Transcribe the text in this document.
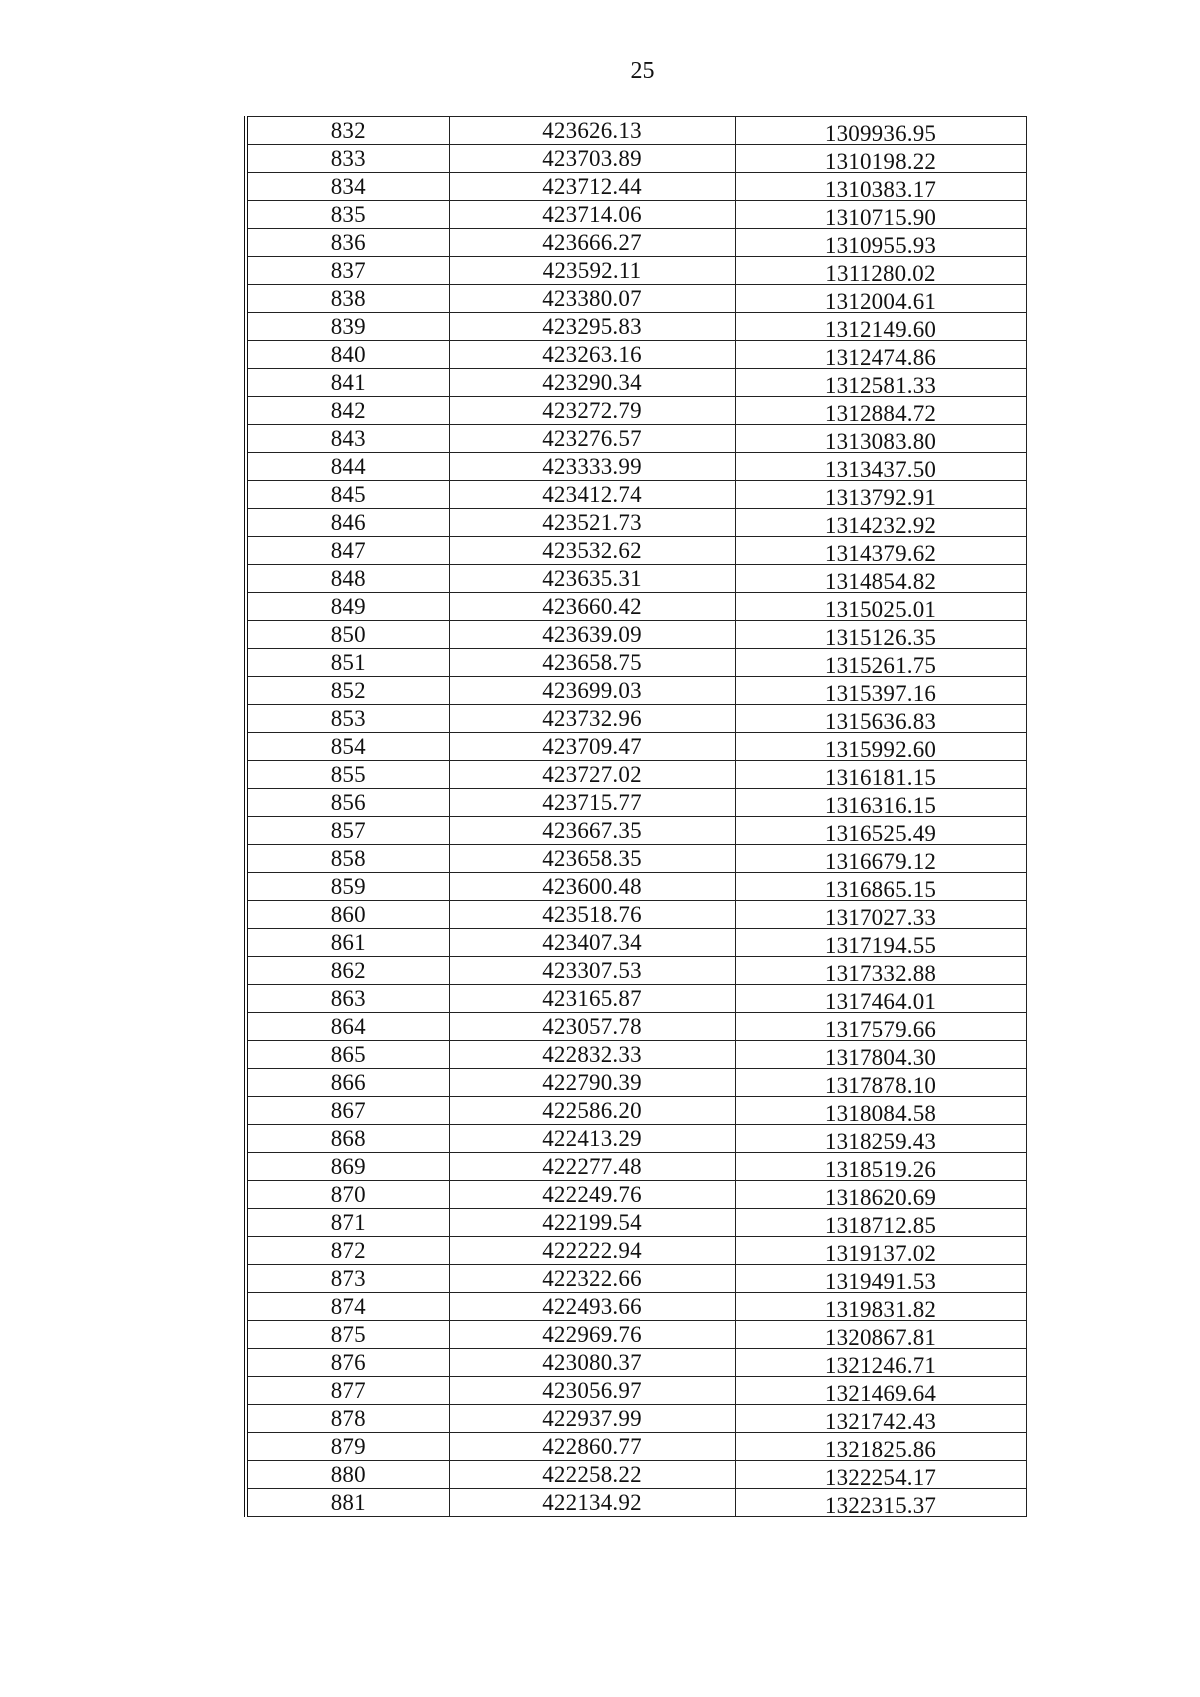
25
832	423626.13	1309936.95
833	423703.89	1310198.22
834	423712.44	1310383.17
835	423714.06	1310715.90
836	423666.27	1310955.93
837	423592.11	1311280.02
838	423380.07	1312004.61
839	423295.83	1312149.60
840	423263.16	1312474.86
841	423290.34	1312581.33
842	423272.79	1312884.72
843	423276.57	1313083.80
844	423333.99	1313437.50
845	423412.74	1313792.91
846	423521.73	1314232.92
847	423532.62	1314379.62
848	423635.31	1314854.82
849	423660.42	1315025.01
850	423639.09	1315126.35
851	423658.75	1315261.75
852	423699.03	1315397.16
853	423732.96	1315636.83
854	423709.47	1315992.60
855	423727.02	1316181.15
856	423715.77	1316316.15
857	423667.35	1316525.49
858	423658.35	1316679.12
859	423600.48	1316865.15
860	423518.76	1317027.33
861	423407.34	1317194.55
862	423307.53	1317332.88
863	423165.87	1317464.01
864	423057.78	1317579.66
865	422832.33	1317804.30
866	422790.39	1317878.10
867	422586.20	1318084.58
868	422413.29	1318259.43
869	422277.48	1318519.26
870	422249.76	1318620.69
871	422199.54	1318712.85
872	422222.94	1319137.02
873	422322.66	1319491.53
874	422493.66	1319831.82
875	422969.76	1320867.81
876	423080.37	1321246.71
877	423056.97	1321469.64
878	422937.99	1321742.43
879	422860.77	1321825.86
880	422258.22	1322254.17
881	422134.92	1322315.37
